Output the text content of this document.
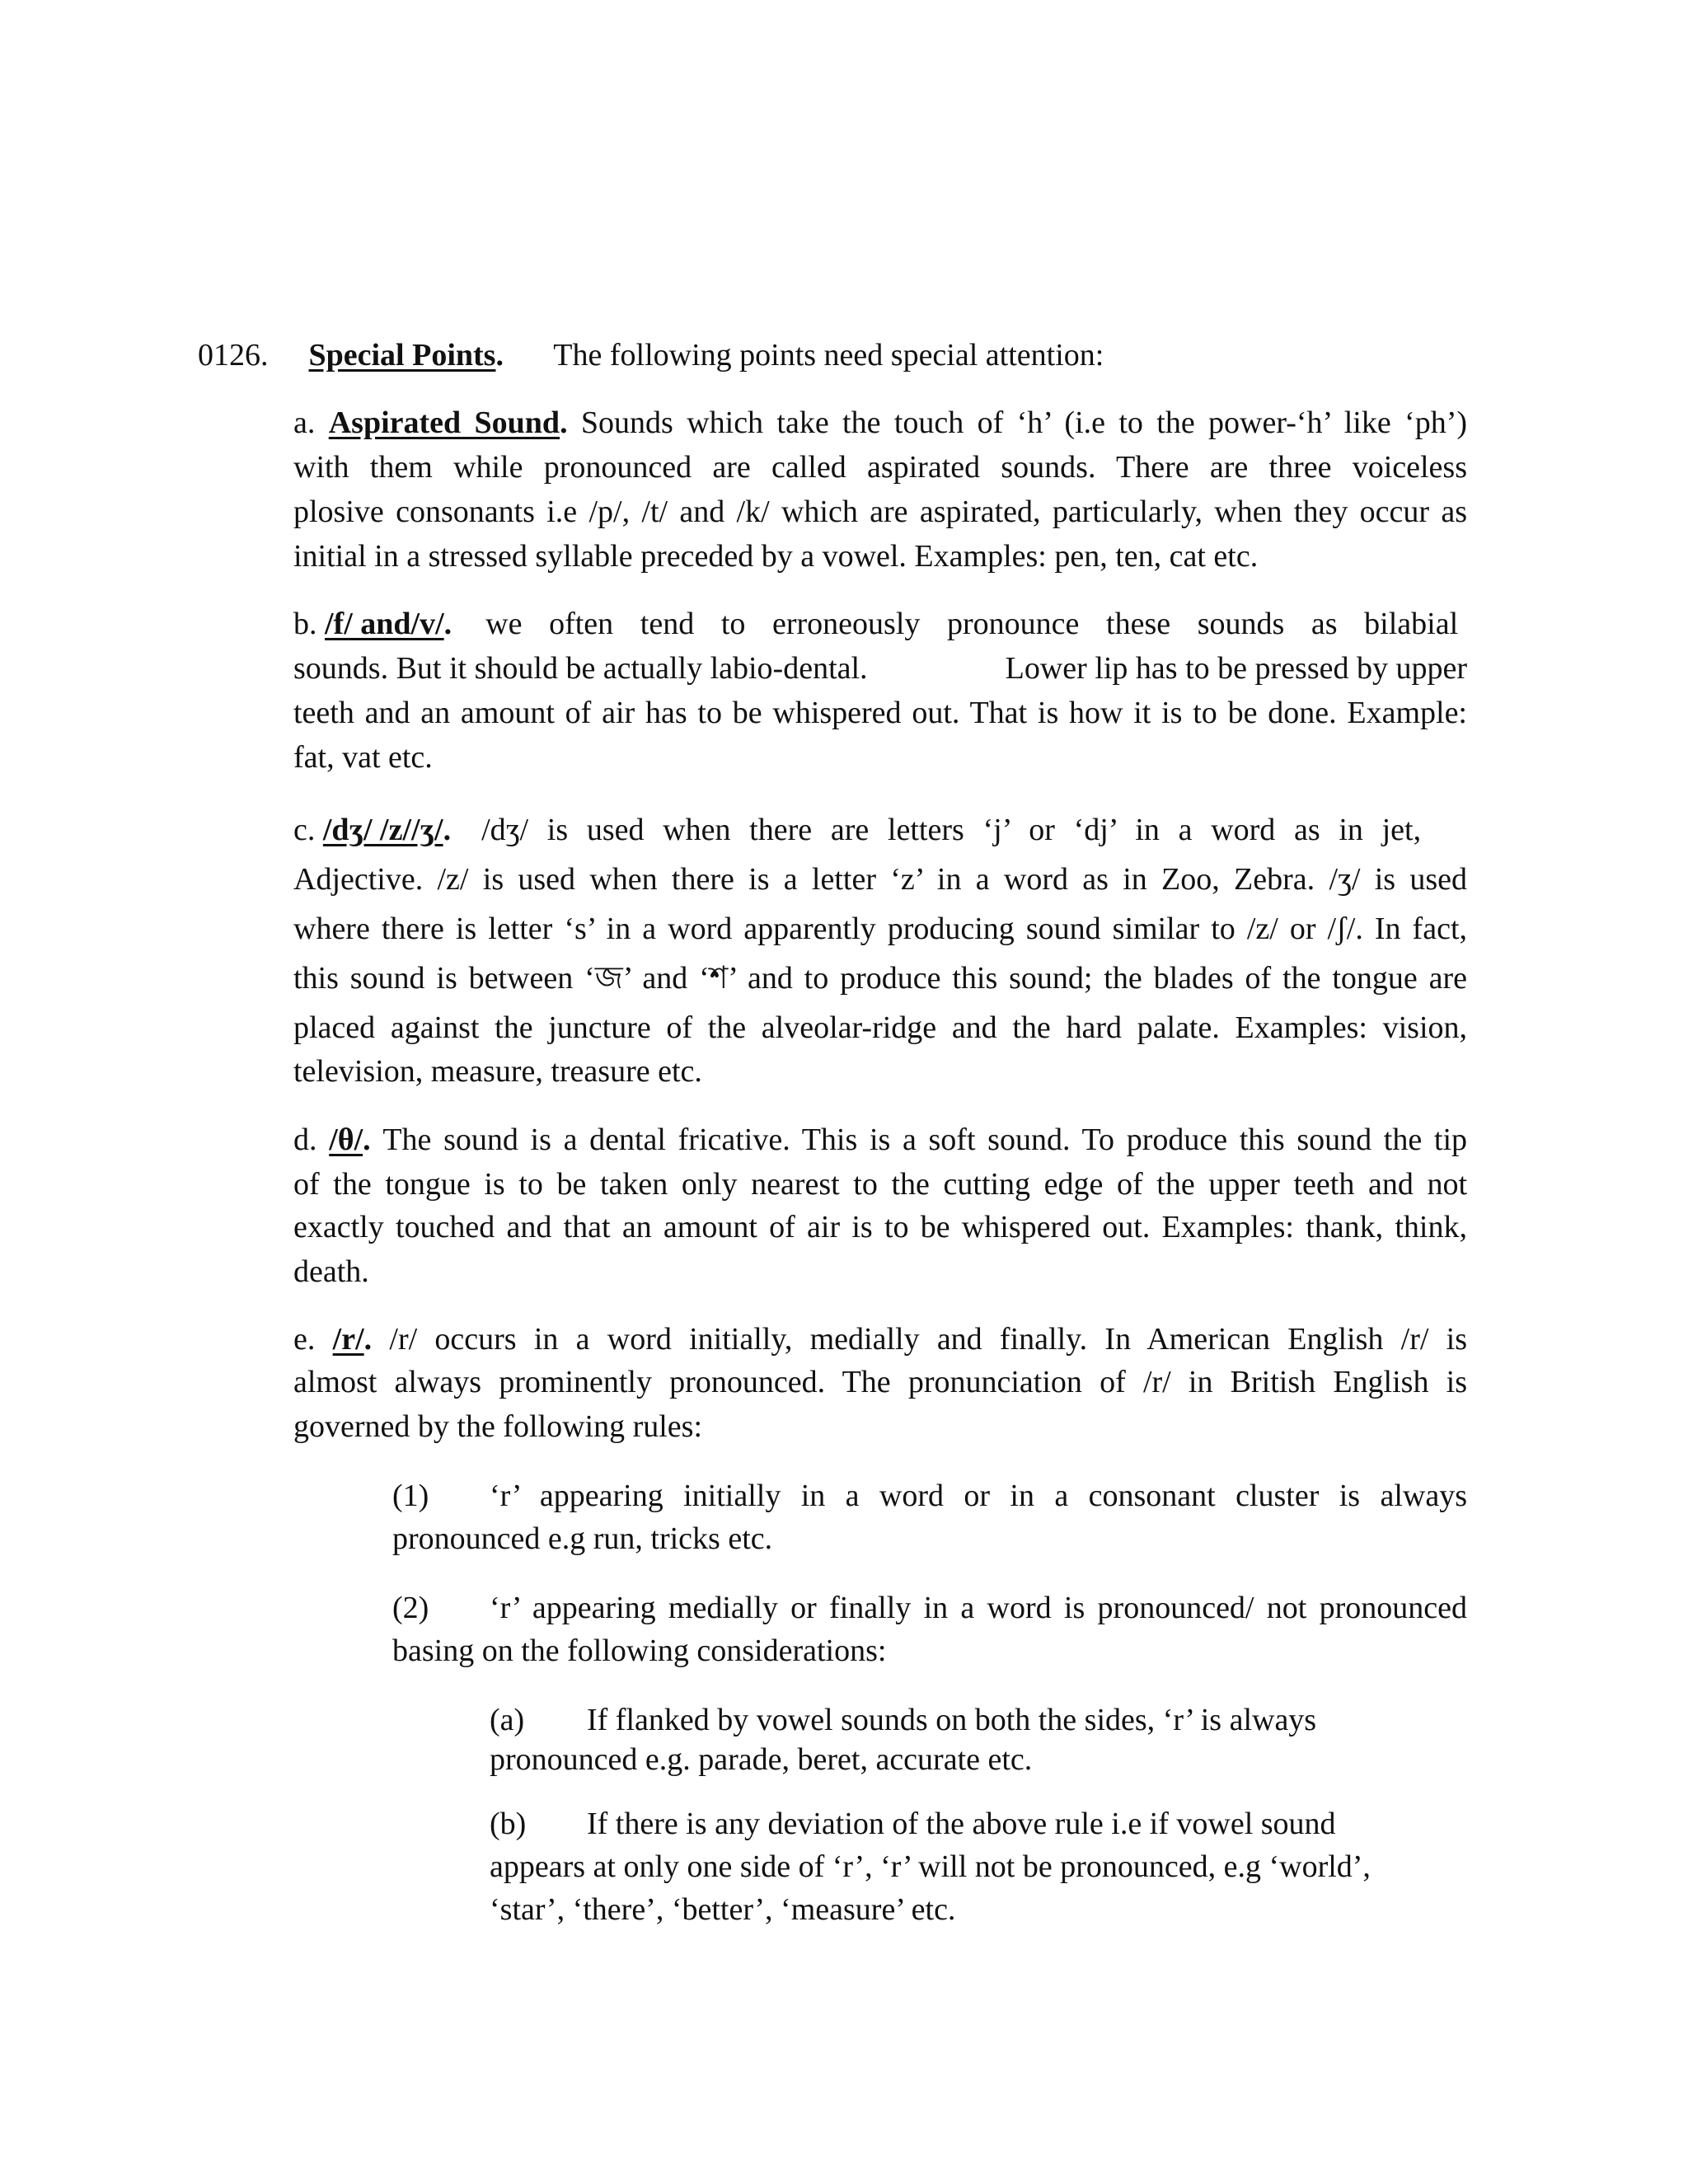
0126. Special Points. The following points need special attention:
a. Aspirated Sound. Sounds which take the touch of ‘h’ (i.e to the power-‘h’ like ‘ph’)
with them while pronounced are called aspirated sounds. There are three voiceless
plosive consonants i.e /p/, /t/ and /k/ which are aspirated, particularly, when they occur as
initial in a stressed syllable preceded by a vowel. Examples: pen, ten, cat etc.
b. /f/ and/v/. we often tend to erroneously pronounce these sounds as bilabial
sounds. But it should be actually labio-dental.	Lower lip has to be pressed by upper
teeth and an amount of air has to be whispered out. That is how it is to be done. Example:
fat, vat etc.
c. /dʒ/ /z//ʒ/. /dʒ/ is used when there are letters ‘j’ or ‘dj’ in a word as in jet,
Adjective. /z/ is used when there is a letter ‘z’ in a word as in Zoo, Zebra. /ʒ/ is used
where there is letter ‘s’ in a word apparently producing sound similar to /z/ or /ʃ/. In fact,
this sound is between ‘জ’ and ‘শ’ and to produce this sound; the blades of the tongue are
placed against the juncture of the alveolar-ridge and the hard palate. Examples: vision,
television, measure, treasure etc.
d. /θ/. The sound is a dental fricative. This is a soft sound. To produce this sound the tip
of the tongue is to be taken only nearest to the cutting edge of the upper teeth and not
exactly touched and that an amount of air is to be whispered out. Examples: thank, think,
death.
e. /r/. /r/ occurs in a word initially, medially and finally. In American English /r/ is
almost always prominently pronounced. The pronunciation of /r/ in British English is
governed by the following rules:
(1) ‘r’ appearing initially in a word or in a consonant cluster is always
pronounced e.g run, tricks etc.
(2) ‘r’ appearing medially or finally in a word is pronounced/ not pronounced
basing on the following considerations:
(a) If flanked by vowel sounds on both the sides, ‘r’ is always
pronounced e.g. parade, beret, accurate etc.
(b) If there is any deviation of the above rule i.e if vowel sound
appears at only one side of ‘r’, ‘r’ will not be pronounced, e.g ‘world’,
‘star’, ‘there’, ‘better’, ‘measure’ etc.
